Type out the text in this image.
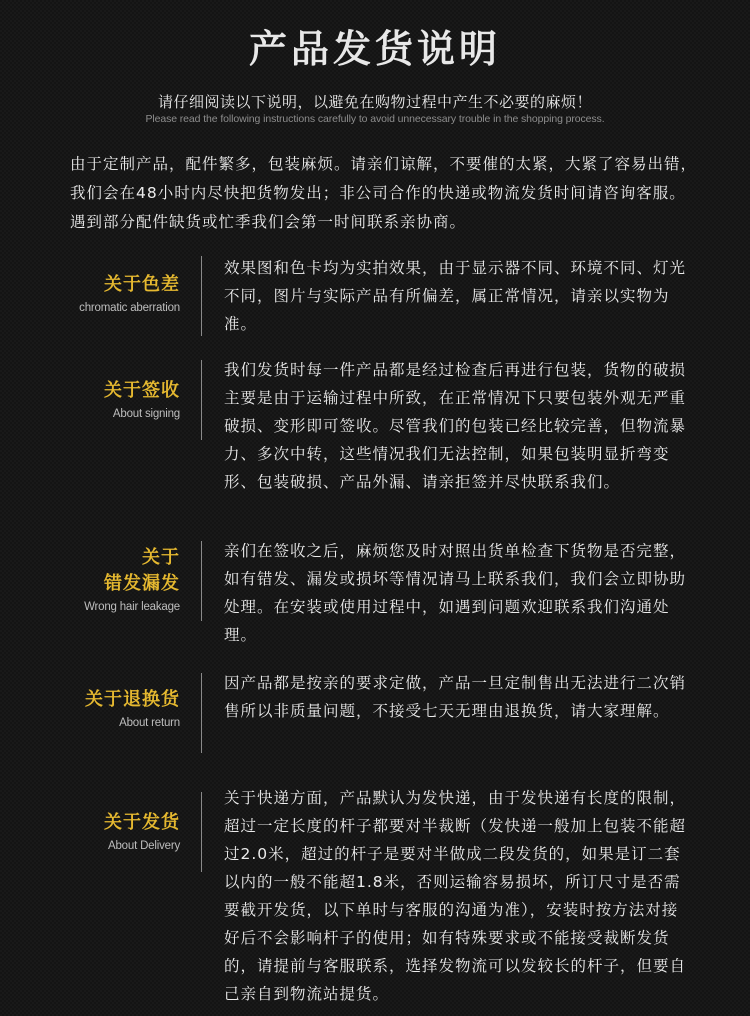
产品发货说明
请仔细阅读以下说明，以避免在购物过程中产生不必要的麻烦！
Please read the following instructions carefully to avoid unnecessary trouble in the shopping process.
由于定制产品，配件繁多，包装麻烦。请亲们谅解，不要催的太紧，大紧了容易出错，我们会在48小时内尽快把货物发出；非公司合作的快递或物流发货时间请咨询客服。遇到部分配件缺货或忙季我们会第一时间联系亲协商。
关于色差
chromatic aberration
效果图和色卡均为实拍效果，由于显示器不同、环境不同、灯光不同，图片与实际产品有所偏差，属正常情况，请亲以实物为准。
关于签收
About signing
我们发货时每一件产品都是经过检查后再进行包装，货物的破损主要是由于运输过程中所致，在正常情况下只要包装外观无严重破损、变形即可签收。尽管我们的包装已经比较完善，但物流暴力、多次中转，这些情况我们无法控制，如果包装明显折弯变形、包装破损、产品外漏、请亲拒签并尽快联系我们。
关于
错发漏发
Wrong hair leakage
亲们在签收之后，麻烦您及时对照出货单检查下货物是否完整，如有错发、漏发或损坏等情况请马上联系我们，我们会立即协助处理。在安装或使用过程中，如遇到问题欢迎联系我们沟通处理。
关于退换货
About return
因产品都是按亲的要求定做，产品一旦定制售出无法进行二次销售所以非质量问题，不接受七天无理由退换货，请大家理解。
关于发货
About Delivery
关于快递方面，产品默认为发快递，由于发快递有长度的限制，超过一定长度的杆子都要对半裁断（发快递一般加上包装不能超过2.0米，超过的杆子是要对半做成二段发货的，如果是订二套以内的一般不能超1.8米，否则运输容易损坏，所订尺寸是否需要截开发货，以下单时与客服的沟通为准），安装时按方法对接好后不会影响杆子的使用；如有特殊要求或不能接受裁断发货的，请提前与客服联系，选择发物流可以发较长的杆子，但要自己亲自到物流站提货。
